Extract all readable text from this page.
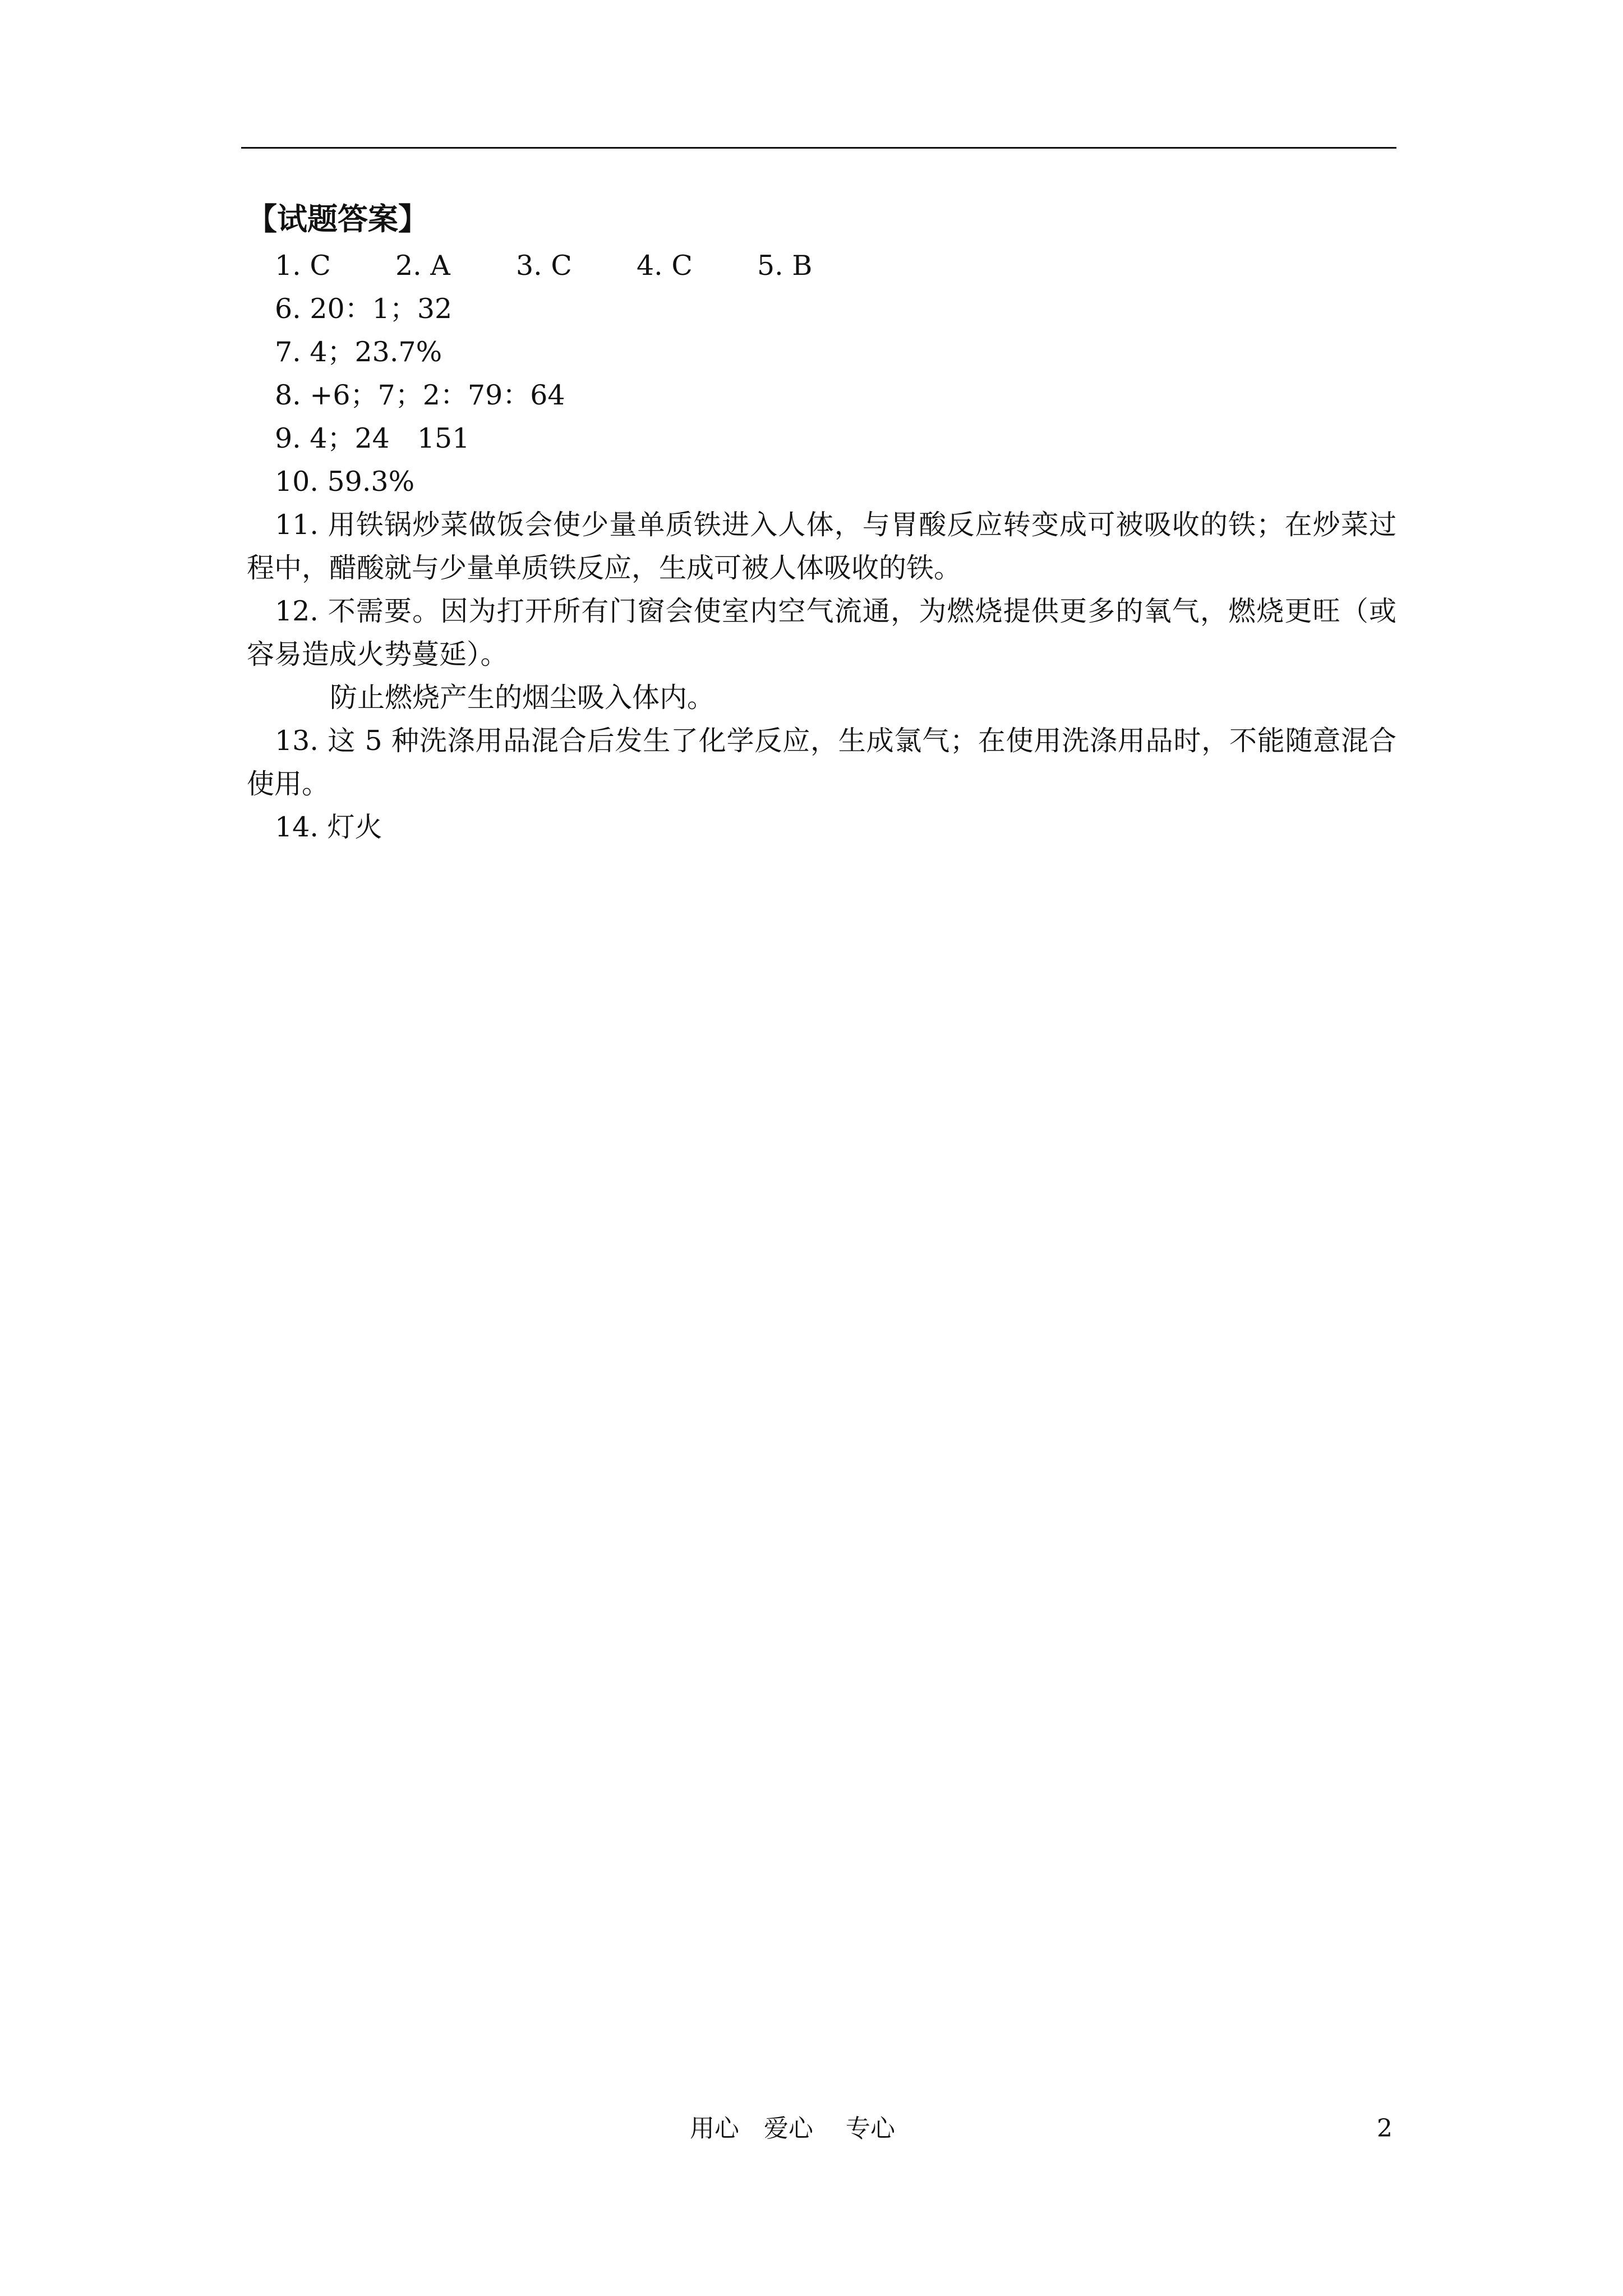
【试题答案】
1. C	2. A	3. C	4. C	5. B
6. 20：1；32
7. 4；23.7%
8. +6；7；2：79：64
9. 4；24　151
10. 59.3%
11. 用铁锅炒菜做饭会使少量单质铁进入人体，与胃酸反应转变成可被吸收的铁；在炒菜过程中，醋酸就与少量单质铁反应，生成可被人体吸收的铁。
12. 不需要。因为打开所有门窗会使室内空气流通，为燃烧提供更多的氧气，燃烧更旺（或容易造成火势蔓延）。
防止燃烧产生的烟尘吸入体内。
13. 这 5 种洗涤用品混合后发生了化学反应，生成氯气；在使用洗涤用品时，不能随意混合使用。
14. 灯火
用心　爱心　 专心	2
